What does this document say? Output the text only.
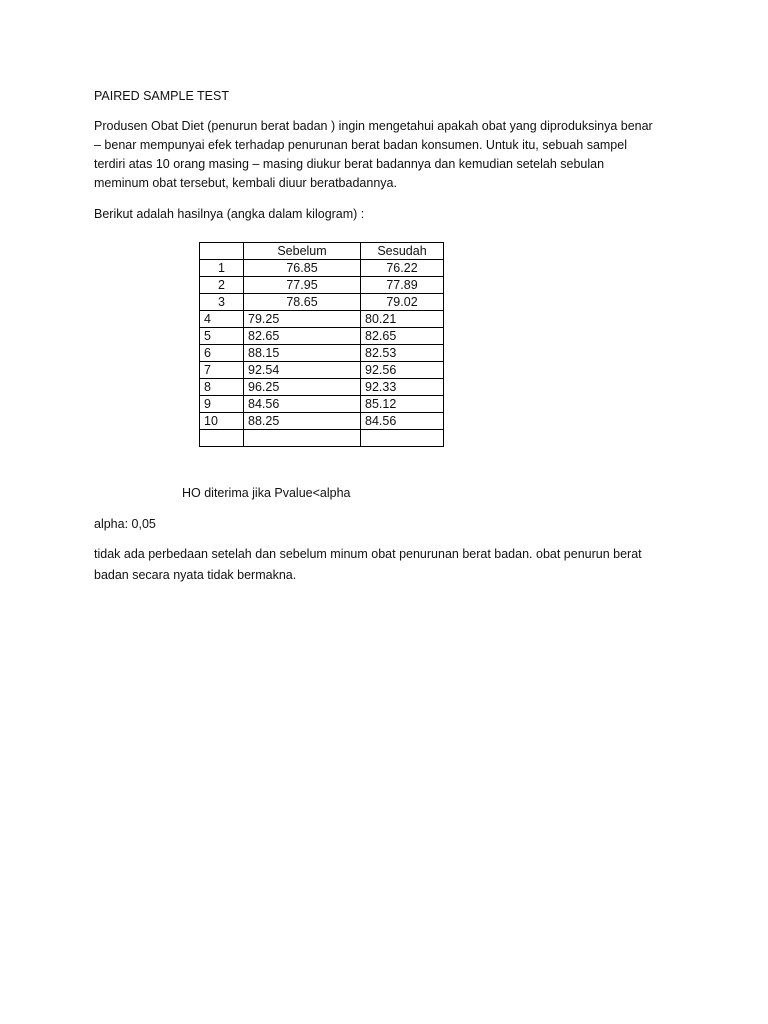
PAIRED SAMPLE TEST
Produsen Obat Diet (penurun berat badan ) ingin mengetahui apakah obat yang diproduksinya benar
– benar mempunyai efek terhadap penurunan berat badan konsumen. Untuk itu, sebuah sampel
terdiri atas 10 orang masing – masing diukur berat badannya dan kemudian setelah sebulan
meminum obat tersebut, kembali diuur beratbadannya.
Berikut adalah hasilnya (angka dalam kilogram) :
	Sebelum	Sesudah
1	76.85	76.22
2	77.95	77.89
3	78.65	79.02
4	79.25	80.21
5	82.65	82.65
6	88.15	82.53
7	92.54	92.56
8	96.25	92.33
9	84.56	85.12
10	88.25	84.56

HO diterima jika Pvalue<alpha
alpha: 0,05
tidak ada perbedaan setelah dan sebelum minum obat penurunan berat badan. obat penurun berat
badan secara nyata tidak bermakna.
